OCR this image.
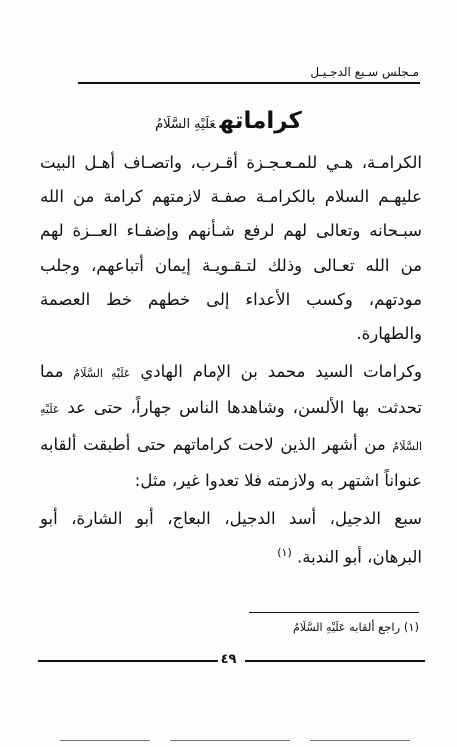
مـجلس سـبع الدجـيـل
كراماتهعَلَيْهِ السَّلَامُ

الكرامـة، هـي للمـعـجـزة أقـرب، واتصـاف أهـل البيت عليهـم السلام بالكرامـة صفـة لازمتهم كرامة من الله سبـحانه وتعالى لهم لرفع شـأنهم وإضفـاء العــزة لهم من الله تعـالى وذلك لتـقـويـة إيمان أتباعهم، وجلب مودتهم، وكسب الأعداء إلى خطهم خط العصمة والطهارة.

وكرامات السيد محمد بن الإمام الهادي عَلَيْهِ السَّلَامُ مما تحدثت بها الألسن، وشاهدها الناس جهاراً، حتى عد عَلَيْهِ السَّلَامُ من أشهر الذين لاحت كراماتهم حتى أطبقت ألقابه عنواناً اشتهر به ولازمته فلا تعدوا غير، مثل:

سبع الدجيل، أسد الدجيل، البعاج، أبو الشارة، أبو البرهان، أبو الندبة. $^{(١)}$

(١) راجع ألقابه عَلَيْهِ السَّلَامُ
٤٩
